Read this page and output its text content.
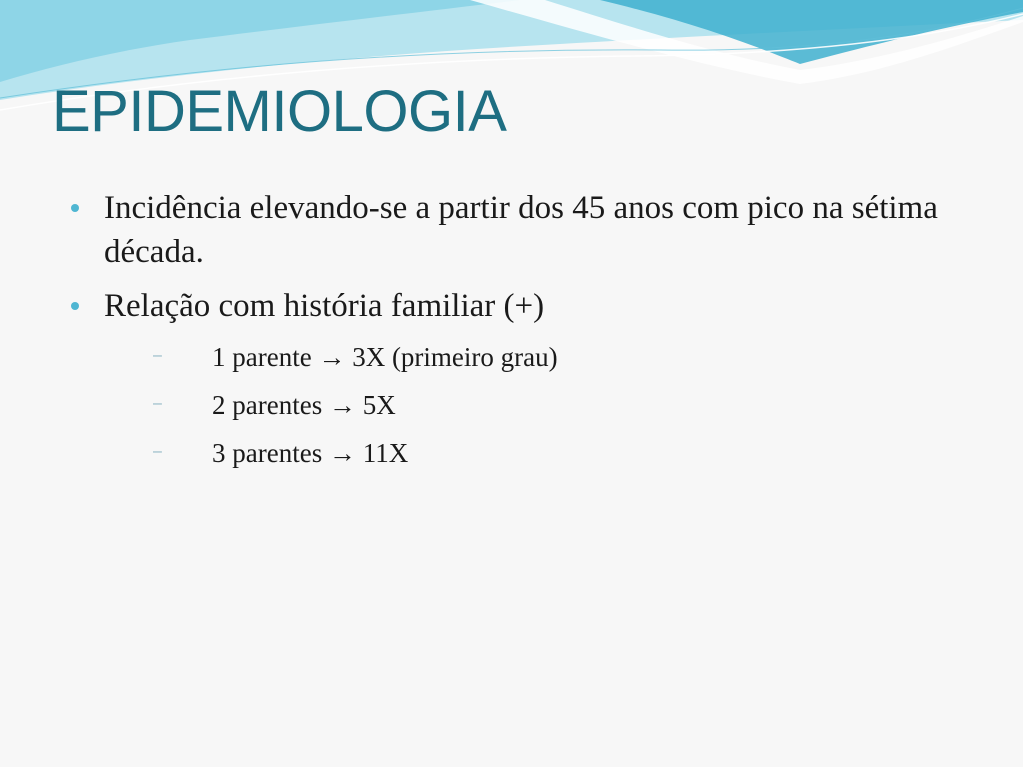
EPIDEMIOLOGIA
Incidência elevando-se a partir dos 45 anos com pico na sétima década.
Relação com história familiar (+)
– 1 parente → 3X (primeiro grau)
– 2 parentes → 5X
– 3 parentes → 11X
